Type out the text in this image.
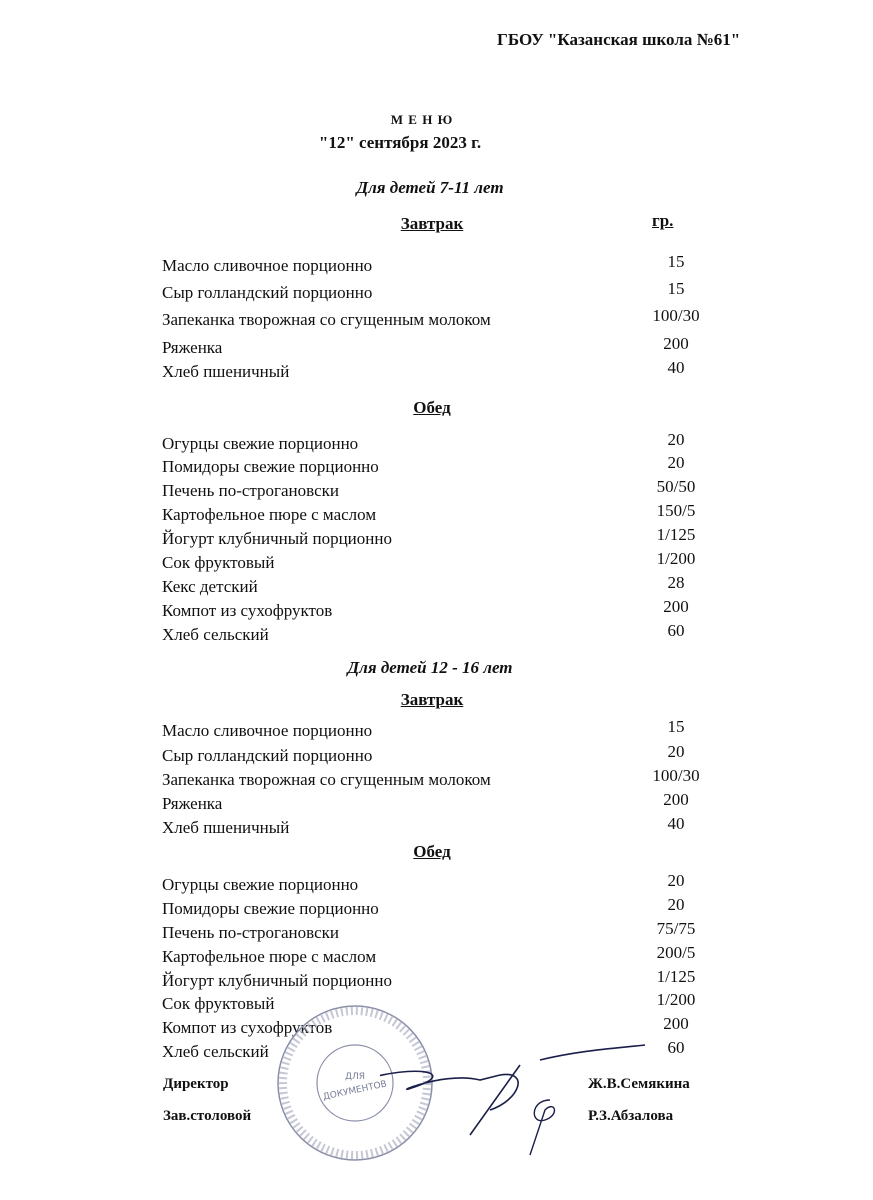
ГБОУ "Казанская школа №61"
М Е Н Ю
"12" сентября 2023 г.
гр.
Для детей 7-11 лет
Завтрак
Масло сливочное порционно	15
Сыр голландский порционно	15
Запеканка творожная со сгущенным молоком	100/30
Ряженка	200
Хлеб пшеничный	40
Обед
Огурцы свежие порционно	20
Помидоры свежие порционно	20
Печень по-строгановски	50/50
Картофельное пюре с маслом	150/5
Йогурт клубничный порционно	1/125
Сок фруктовый	1/200
Кекс детский	28
Компот из сухофруктов	200
Хлеб сельский	60
Для детей 12 - 16 лет
Завтрак
Масло сливочное порционно	15
Сыр голландский порционно	20
Запеканка творожная со сгущенным молоком	100/30
Ряженка	200
Хлеб пшеничный	40
Обед
Огурцы свежие порционно	20
Помидоры свежие порционно	20
Печень по-строгановски	75/75
Картофельное пюре с маслом	200/5
Йогурт клубничный порционно	1/125
Сок фруктовый	1/200
Компот из сухофруктов	200
Хлеб сельский	60
Директор	Ж.В.Семякина
Зав.столовой	Р.З.Абзалова
ДЛЯ
ДОКУМЕНТОВ
